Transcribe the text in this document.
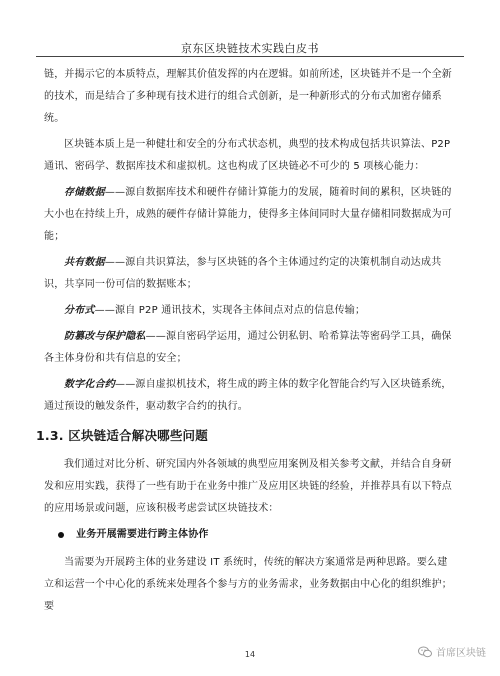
京东区块链技术实践白皮书

链，并揭示它的本质特点，理解其价值发挥的内在逻辑。如前所述，区块链并不是一个全新
的技术，而是结合了多种现有技术进行的组合式创新，是一种新形式的分布式加密存储系
统。

区块链本质上是一种健壮和安全的分布式状态机，典型的技术构成包括共识算法、P2P通讯、密码学、数据库技术和虚拟机。这也构成了区块链必不可少的 5 项核心能力：

存储数据——源自数据库技术和硬件存储计算能力的发展，随着时间的累积，区块链的大小也在持续上升，成熟的硬件存储计算能力，使得多主体间同时大量存储相同数据成为可能；

共有数据——源自共识算法，参与区块链的各个主体通过约定的决策机制自动达成共识，共享同一份可信的数据账本；

分布式——源自 P2P 通讯技术，实现各主体间点对点的信息传输；

防篡改与保护隐私——源自密码学运用，通过公钥私钥、哈希算法等密码学工具，确保各主体身份和共有信息的安全；

数字化合约——源自虚拟机技术，将生成的跨主体的数字化智能合约写入区块链系统，通过预设的触发条件，驱动数字合约的执行。

1.3. 区块链适合解决哪些问题

我们通过对比分析、研究国内外各领域的典型应用案例及相关参考文献，并结合自身研发和应用实践，获得了一些有助于在业务中推广及应用区块链的经验，并推荐具有以下特点的应用场景或问题，应该积极考虑尝试区块链技术：

业务开展需要进行跨主体协作

当需要为开展跨主体的业务建设 IT 系统时，传统的解决方案通常是两种思路。要么建立和运营一个中心化的系统来处理各个参与方的业务需求，业务数据由中心化的组织维护；要

14	首席区块链
